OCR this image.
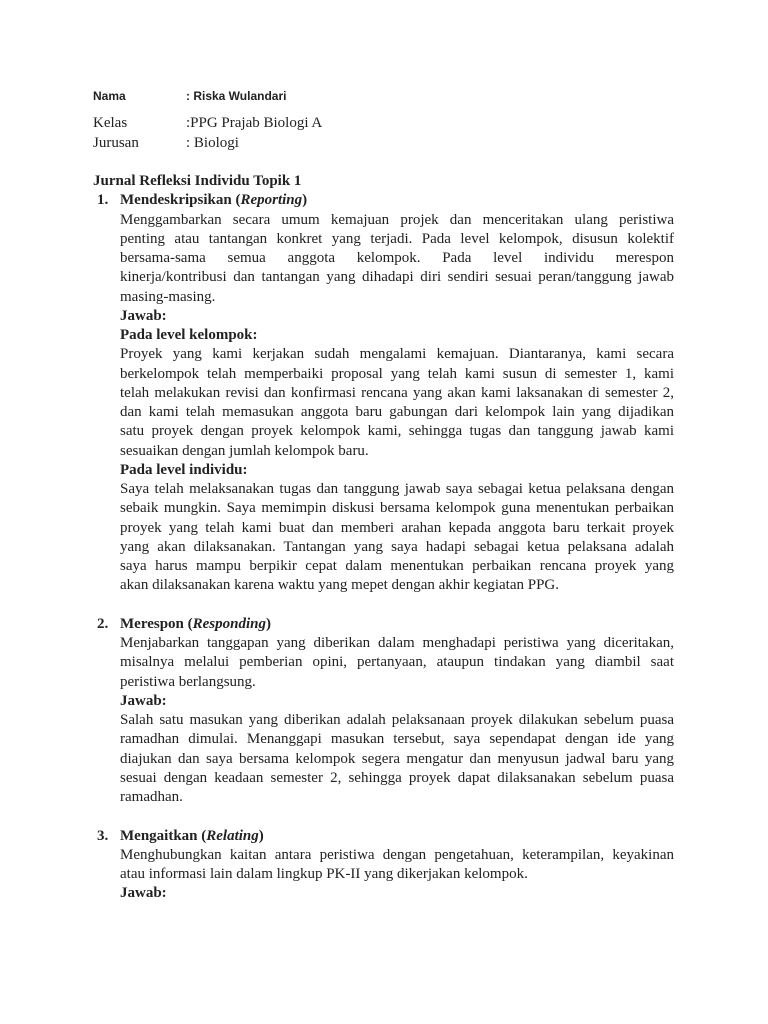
Nama	: Riska Wulandari
Kelas	:PPG Prajab Biologi A
Jurusan	: Biologi
Jurnal Refleksi Individu Topik 1
1. Mendeskripsikan (Reporting)
Menggambarkan secara umum kemajuan projek dan menceritakan ulang peristiwa
penting atau tantangan konkret yang terjadi. Pada level kelompok, disusun kolektif
bersama-sama semua anggota kelompok. Pada level individu merespon
kinerja/kontribusi dan tantangan yang dihadapi diri sendiri sesuai peran/tanggung jawab
masing-masing.
Jawab:
Pada level kelompok:
Proyek yang kami kerjakan sudah mengalami kemajuan. Diantaranya, kami secara
berkelompok telah memperbaiki proposal yang telah kami susun di semester 1, kami
telah melakukan revisi dan konfirmasi rencana yang akan kami laksanakan di semester 2,
dan kami telah memasukan anggota baru gabungan dari kelompok lain yang dijadikan
satu proyek dengan proyek kelompok kami, sehingga tugas dan tanggung jawab kami
sesuaikan dengan jumlah kelompok baru.
Pada level individu:
Saya telah melaksanakan tugas dan tanggung jawab saya sebagai ketua pelaksana dengan
sebaik mungkin. Saya memimpin diskusi bersama kelompok guna menentukan perbaikan
proyek yang telah kami buat dan memberi arahan kepada anggota baru terkait proyek
yang akan dilaksanakan. Tantangan yang saya hadapi sebagai ketua pelaksana adalah
saya harus mampu berpikir cepat dalam menentukan perbaikan rencana proyek yang
akan dilaksanakan karena waktu yang mepet dengan akhir kegiatan PPG.
2. Merespon (Responding)
Menjabarkan tanggapan yang diberikan dalam menghadapi peristiwa yang diceritakan,
misalnya melalui pemberian opini, pertanyaan, ataupun tindakan yang diambil saat
peristiwa berlangsung.
Jawab:
Salah satu masukan yang diberikan adalah pelaksanaan proyek dilakukan sebelum puasa
ramadhan dimulai. Menanggapi masukan tersebut, saya sependapat dengan ide yang
diajukan dan saya bersama kelompok segera mengatur dan menyusun jadwal baru yang
sesuai dengan keadaan semester 2, sehingga proyek dapat dilaksanakan sebelum puasa
ramadhan.
3. Mengaitkan (Relating)
Menghubungkan kaitan antara peristiwa dengan pengetahuan, keterampilan, keyakinan
atau informasi lain dalam lingkup PK-II yang dikerjakan kelompok.
Jawab:
